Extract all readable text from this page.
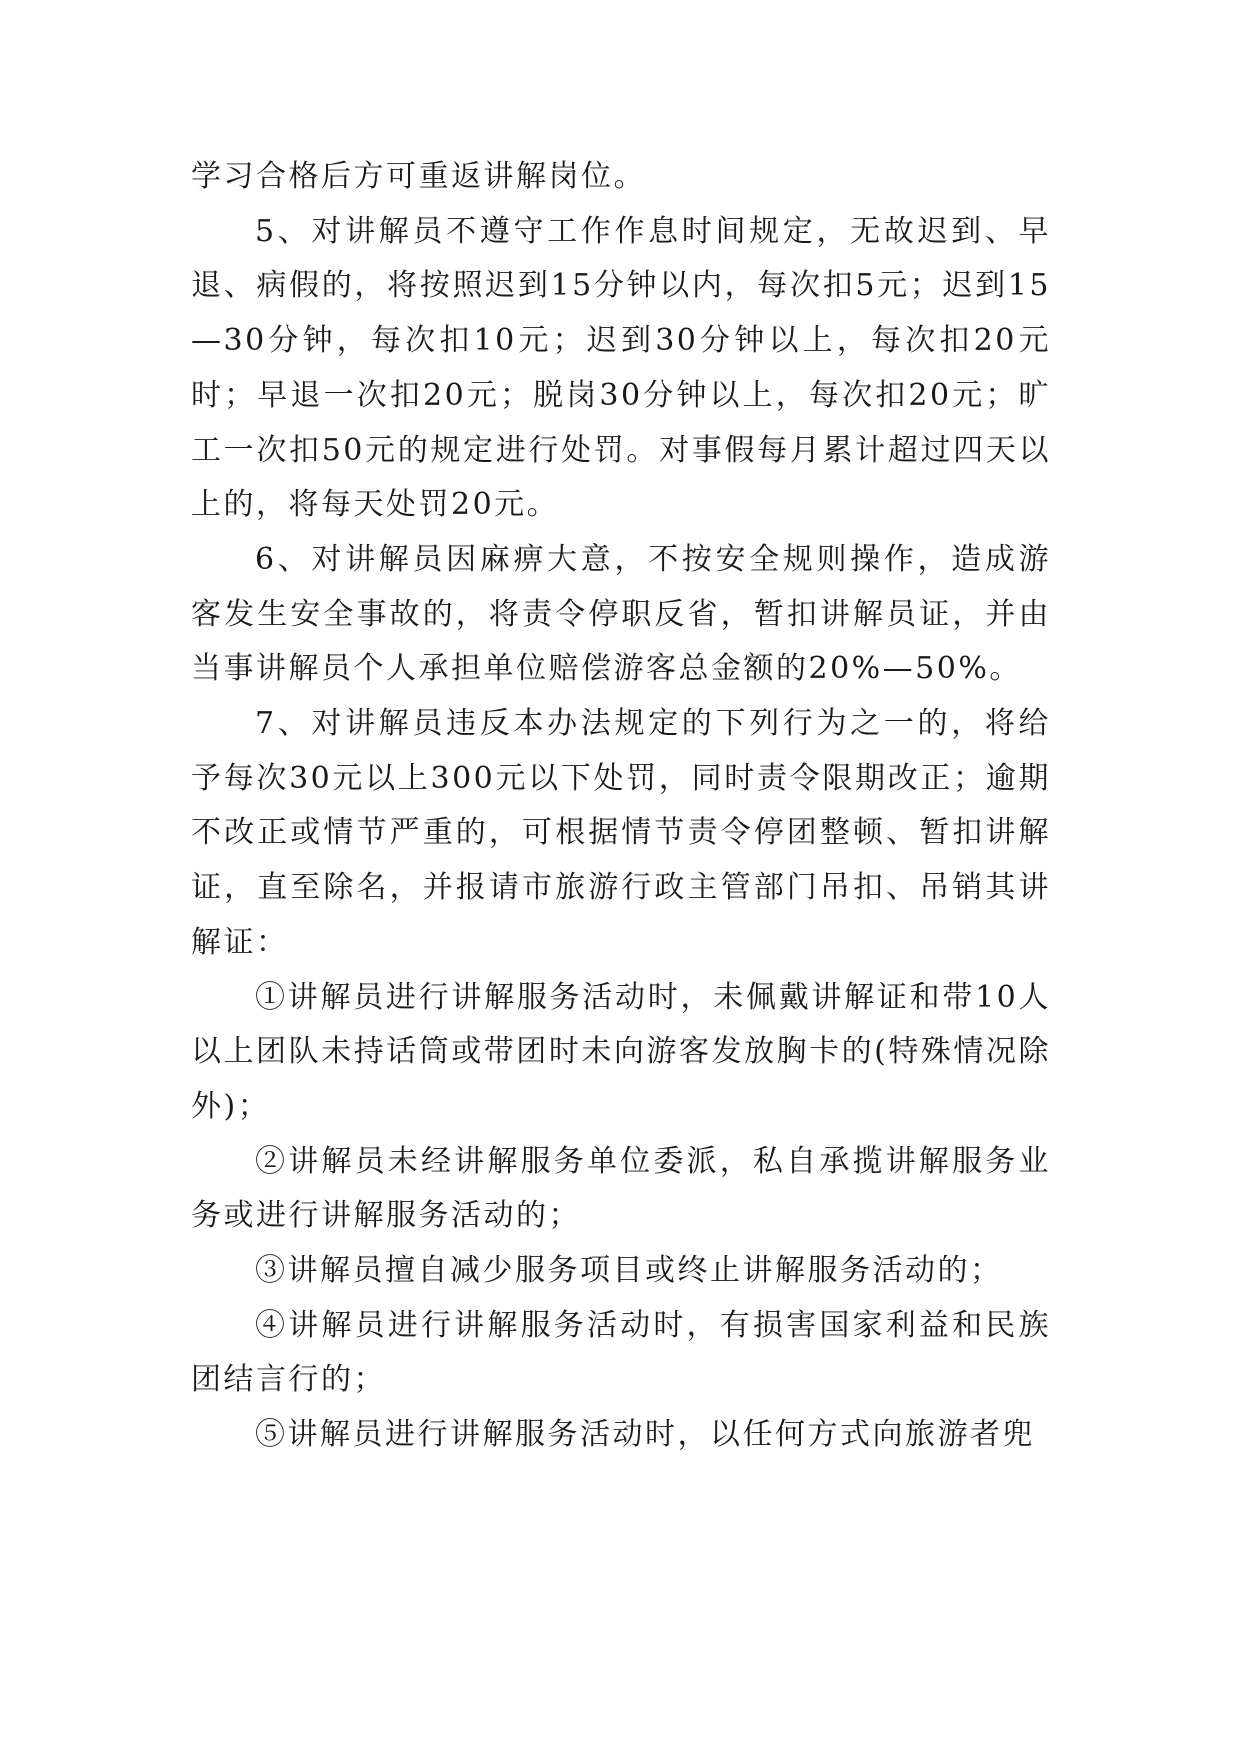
学习合格后方可重返讲解岗位。

5、对讲解员不遵守工作作息时间规定，无故迟到、早退、病假的，将按照迟到15分钟以内，每次扣5元；迟到15—30分钟，每次扣10元；迟到30分钟以上，每次扣20元时；早退一次扣20元；脱岗30分钟以上，每次扣20元；旷工一次扣50元的规定进行处罚。对事假每月累计超过四天以上的，将每天处罚20元。

6、对讲解员因麻痹大意，不按安全规则操作，造成游客发生安全事故的，将责令停职反省，暂扣讲解员证，并由当事讲解员个人承担单位赔偿游客总金额的20%—50%。

7、对讲解员违反本办法规定的下列行为之一的，将给予每次30元以上300元以下处罚，同时责令限期改正；逾期不改正或情节严重的，可根据情节责令停团整顿、暂扣讲解证，直至除名，并报请市旅游行政主管部门吊扣、吊销其讲解证：

①讲解员进行讲解服务活动时，未佩戴讲解证和带10人以上团队未持话筒或带团时未向游客发放胸卡的(特殊情况除外)；

②讲解员未经讲解服务单位委派，私自承揽讲解服务业务或进行讲解服务活动的；

③讲解员擅自减少服务项目或终止讲解服务活动的；

④讲解员进行讲解服务活动时，有损害国家利益和民族团结言行的；

⑤讲解员进行讲解服务活动时，以任何方式向旅游者兜
